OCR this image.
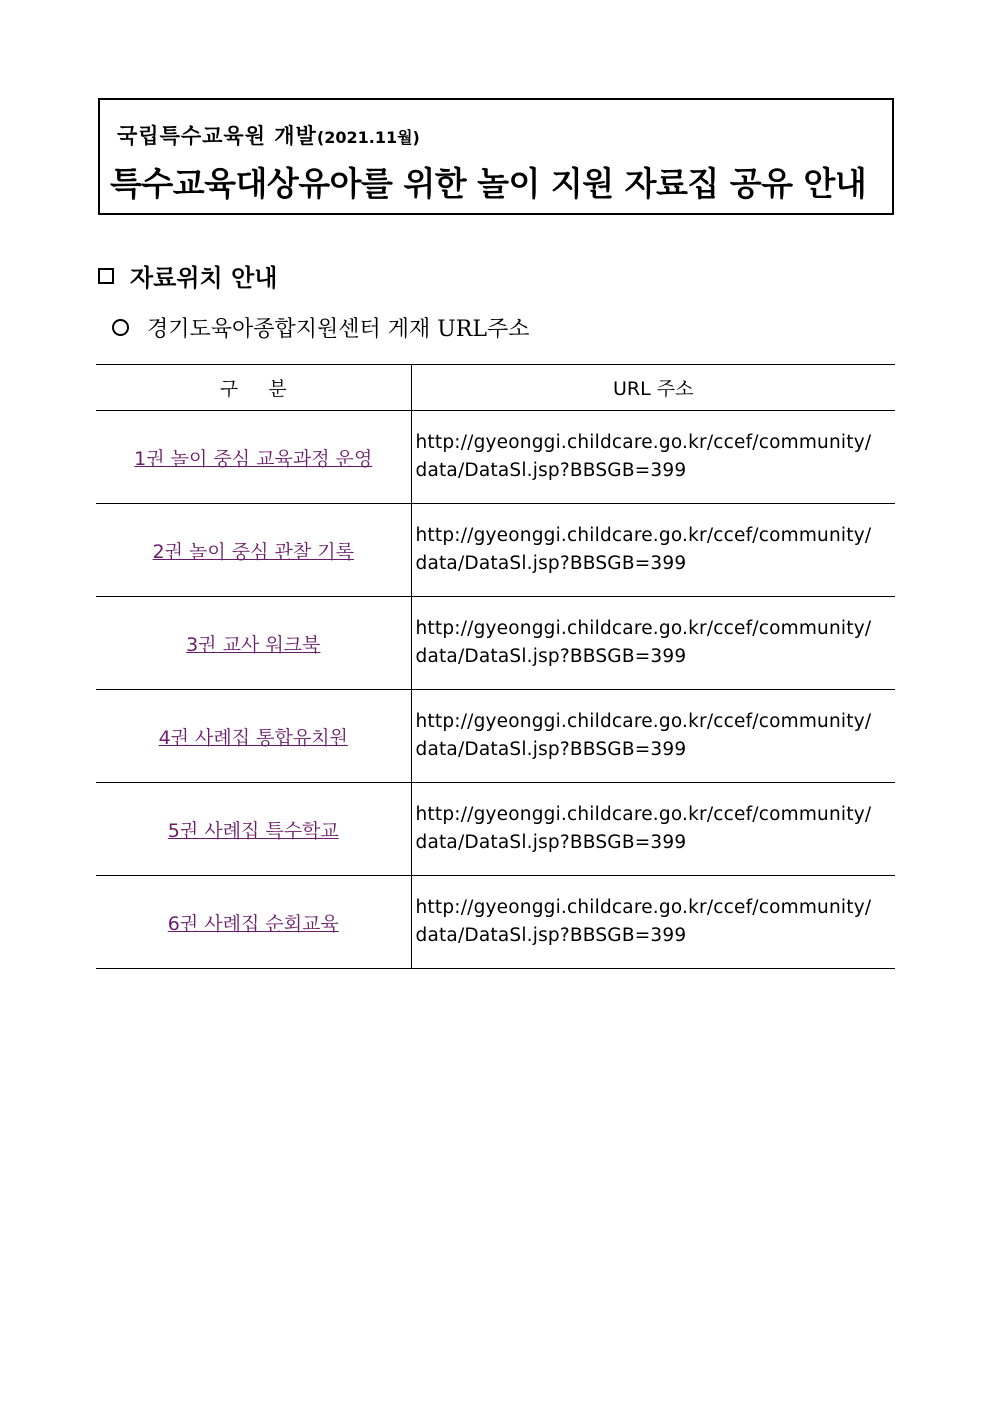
국립특수교육원 개발(2021.11월)
특수교육대상유아를 위한 놀이 지원 자료집 공유 안내
자료위치 안내
경기도육아종합지원센터 게재 URL주소
구     분	URL 주소
1권 놀이 중심 교육과정 운영	http://gyeonggi.childcare.go.kr/ccef/community/
data/DataSl.jsp?BBSGB=399

2권 놀이 중심 관찰 기록	http://gyeonggi.childcare.go.kr/ccef/community/
data/DataSl.jsp?BBSGB=399

3권 교사 워크북	http://gyeonggi.childcare.go.kr/ccef/community/
data/DataSl.jsp?BBSGB=399

4권 사례집 통합유치원	http://gyeonggi.childcare.go.kr/ccef/community/
data/DataSl.jsp?BBSGB=399

5권 사례집 특수학교	http://gyeonggi.childcare.go.kr/ccef/community/
data/DataSl.jsp?BBSGB=399

6권 사례집 순회교육	http://gyeonggi.childcare.go.kr/ccef/community/
data/DataSl.jsp?BBSGB=399
